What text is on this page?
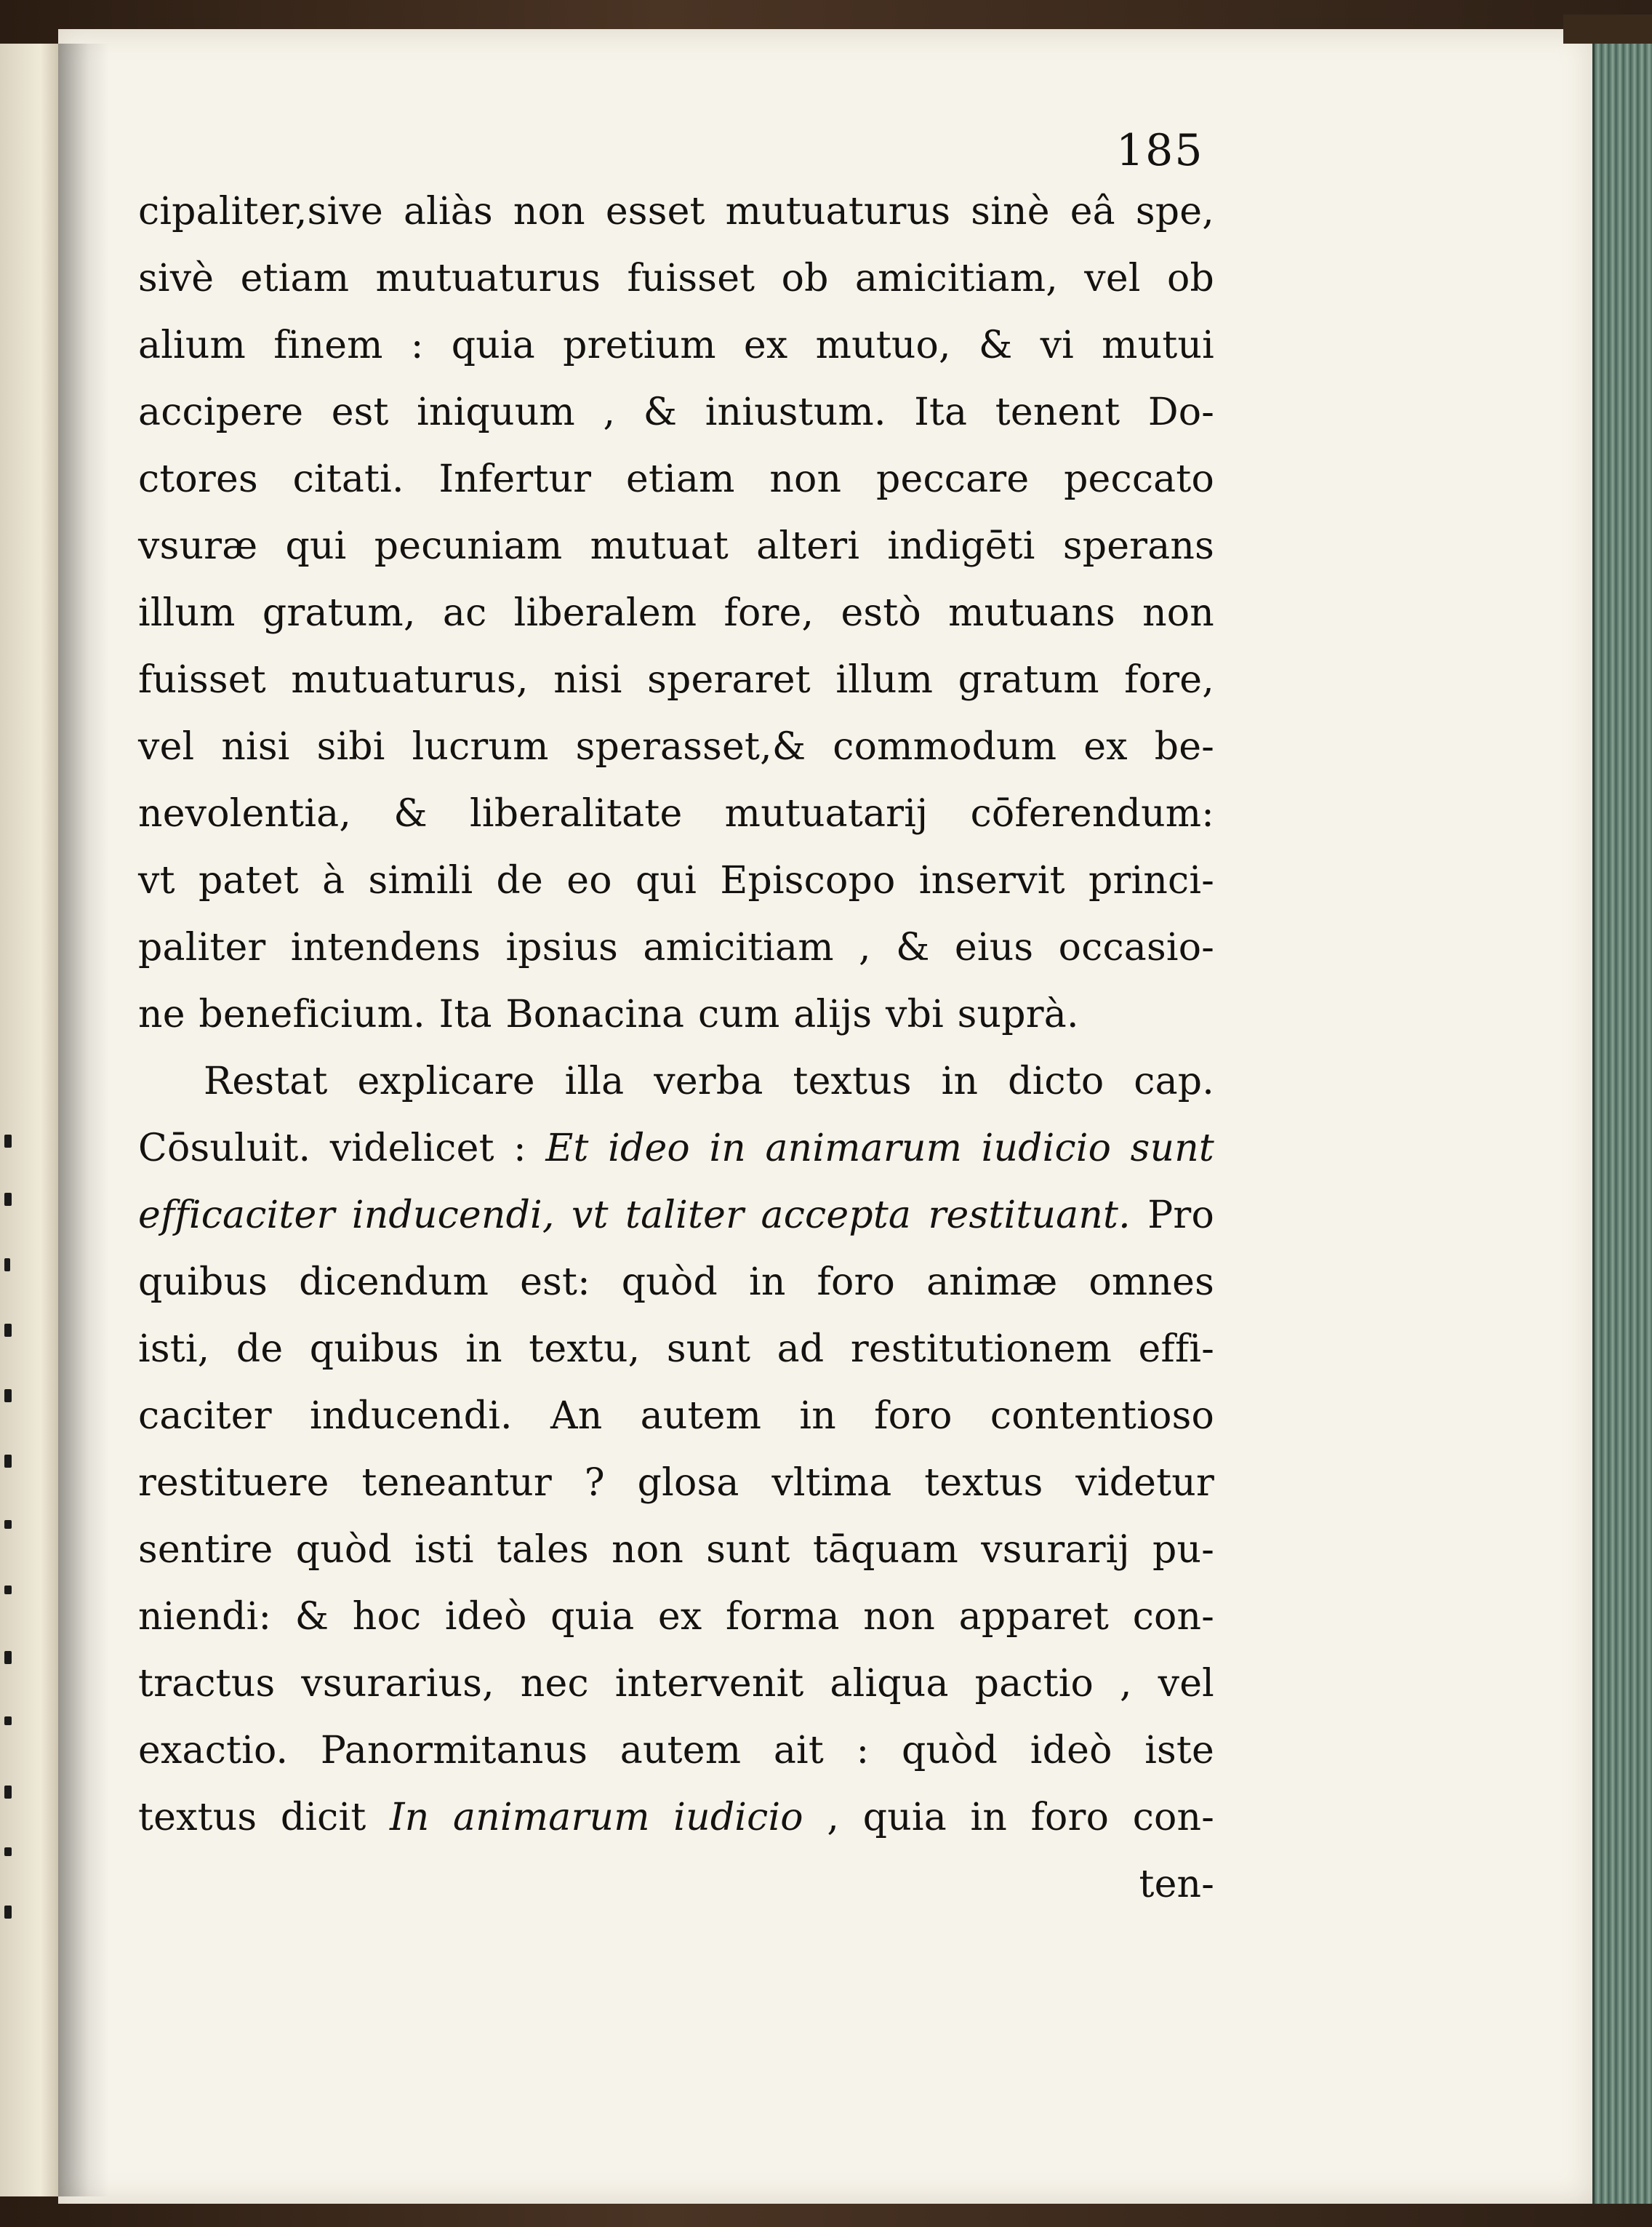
185
cipaliter,sive aliàs non esset mutuaturus sinè eâ spe,
sivè etiam mutuaturus fuisset ob amicitiam, vel ob
alium finem : quia pretium ex mutuo, & vi mutui
accipere est iniquum , & iniustum. Ita tenent Do-
ctores citati. Infertur etiam non peccare peccato
vsuræ qui pecuniam mutuat alteri indigēti sperans
illum gratum, ac liberalem fore, estò mutuans non
fuisset mutuaturus, nisi speraret illum gratum fore,
vel nisi sibi lucrum sperasset,& commodum ex be-
nevolentia, & liberalitate mutuatarij cōferendum:
vt patet à simili de eo qui Episcopo inservit princi-
paliter intendens ipsius amicitiam , & eius occasio-
ne beneficium. Ita Bonacina cum alijs vbi suprà.
Restat explicare illa verba textus in dicto cap.
Cōsuluit. videlicet : Et ideo in animarum iudicio sunt
efficaciter inducendi, vt taliter accepta restituant. Pro
quibus dicendum est: quòd in foro animæ omnes
isti, de quibus in textu, sunt ad restitutionem effi-
caciter inducendi. An autem in foro contentioso
restituere teneantur ? glosa vltima textus videtur
sentire quòd isti tales non sunt tāquam vsurarij pu-
niendi: & hoc ideò quia ex forma non apparet con-
tractus vsurarius, nec intervenit aliqua pactio , vel
exactio. Panormitanus autem ait : quòd ideò iste
textus dicit In animarum iudicio , quia in foro con-
ten-
